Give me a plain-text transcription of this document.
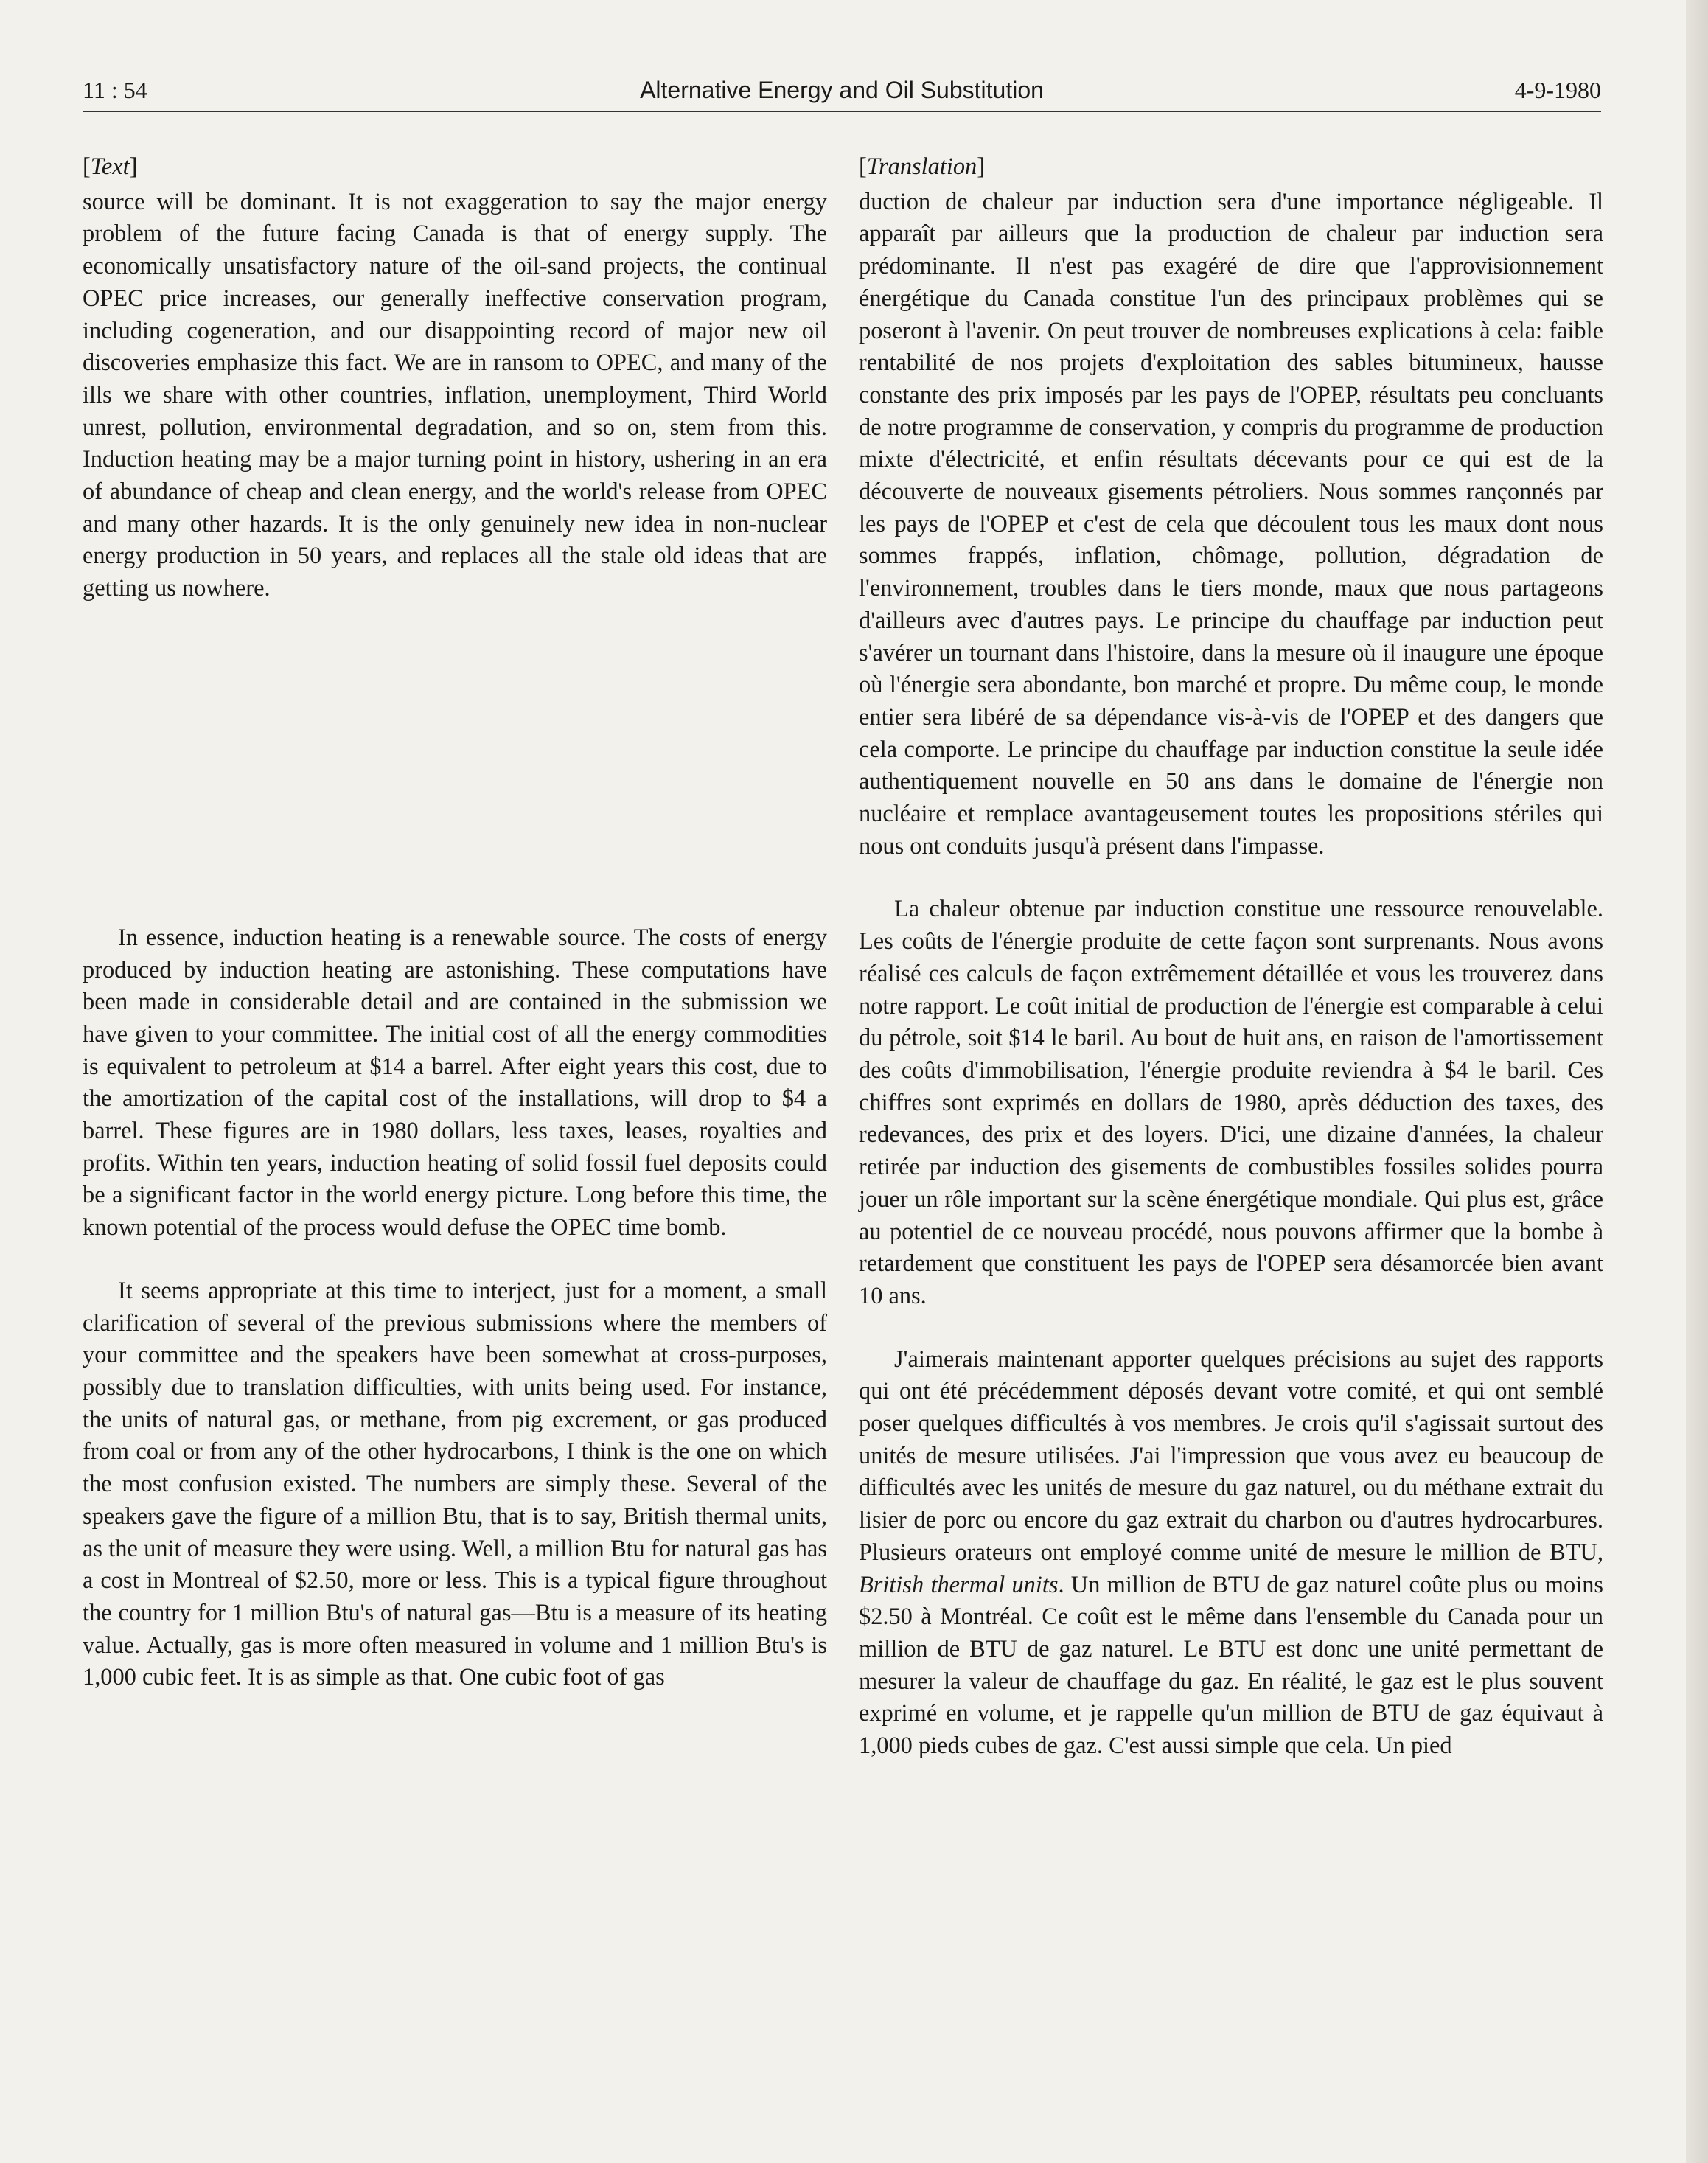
11 : 54	Alternative Energy and Oil Substitution	4-9-1980
[Text]

source will be dominant. It is not exaggeration to say the major energy problem of the future facing Canada is that of energy supply. The economically unsatisfactory nature of the oil-sand projects, the continual OPEC price increases, our generally ineffective conservation program, including cogeneration, and our disappointing record of major new oil discoveries emphasize this fact. We are in ransom to OPEC, and many of the ills we share with other countries, inflation, unemployment, Third World unrest, pollution, environmental degradation, and so on, stem from this. Induction heating may be a major turning point in history, ushering in an era of abundance of cheap and clean energy, and the world's release from OPEC and many other hazards. It is the only genuinely new idea in non-nuclear energy production in 50 years, and replaces all the stale old ideas that are getting us nowhere.

In essence, induction heating is a renewable source. The costs of energy produced by induction heating are astonishing. These computations have been made in considerable detail and are contained in the submission we have given to your committee. The initial cost of all the energy commodities is equivalent to petroleum at $14 a barrel. After eight years this cost, due to the amortization of the capital cost of the installations, will drop to $4 a barrel. These figures are in 1980 dollars, less taxes, leases, royalties and profits. Within ten years, induction heating of solid fossil fuel deposits could be a significant factor in the world energy picture. Long before this time, the known potential of the process would defuse the OPEC time bomb.

It seems appropriate at this time to interject, just for a moment, a small clarification of several of the previous submissions where the members of your committee and the speakers have been somewhat at cross-purposes, possibly due to translation difficulties, with units being used. For instance, the units of natural gas, or methane, from pig excrement, or gas produced from coal or from any of the other hydrocarbons, I think is the one on which the most confusion existed. The numbers are simply these. Several of the speakers gave the figure of a million Btu, that is to say, British thermal units, as the unit of measure they were using. Well, a million Btu for natural gas has a cost in Montreal of $2.50, more or less. This is a typical figure throughout the country for 1 million Btu's of natural gas—Btu is a measure of its heating value. Actually, gas is more often measured in volume and 1 million Btu's is 1,000 cubic feet. It is as simple as that. One cubic foot of gas

[Translation]

duction de chaleur par induction sera d'une importance négligeable. Il apparaît par ailleurs que la production de chaleur par induction sera prédominante. Il n'est pas exagéré de dire que l'approvisionnement énergétique du Canada constitue l'un des principaux problèmes qui se poseront à l'avenir. On peut trouver de nombreuses explications à cela: faible rentabilité de nos projets d'exploitation des sables bitumineux, hausse constante des prix imposés par les pays de l'OPEP, résultats peu concluants de notre programme de conservation, y compris du programme de production mixte d'électricité, et enfin résultats décevants pour ce qui est de la découverte de nouveaux gisements pétroliers. Nous sommes rançonnés par les pays de l'OPEP et c'est de cela que découlent tous les maux dont nous sommes frappés, inflation, chômage, pollution, dégradation de l'environnement, troubles dans le tiers monde, maux que nous partageons d'ailleurs avec d'autres pays. Le principe du chauffage par induction peut s'avérer un tournant dans l'histoire, dans la mesure où il inaugure une époque où l'énergie sera abondante, bon marché et propre. Du même coup, le monde entier sera libéré de sa dépendance vis-à-vis de l'OPEP et des dangers que cela comporte. Le principe du chauffage par induction constitue la seule idée authentiquement nouvelle en 50 ans dans le domaine de l'énergie non nucléaire et remplace avantageusement toutes les propositions stériles qui nous ont conduits jusqu'à présent dans l'impasse.

La chaleur obtenue par induction constitue une ressource renouvelable. Les coûts de l'énergie produite de cette façon sont surprenants. Nous avons réalisé ces calculs de façon extrêmement détaillée et vous les trouverez dans notre rapport. Le coût initial de production de l'énergie est comparable à celui du pétrole, soit $14 le baril. Au bout de huit ans, en raison de l'amortissement des coûts d'immobilisation, l'énergie produite reviendra à $4 le baril. Ces chiffres sont exprimés en dollars de 1980, après déduction des taxes, des redevances, des prix et des loyers. D'ici, une dizaine d'années, la chaleur retirée par induction des gisements de combustibles fossiles solides pourra jouer un rôle important sur la scène énergétique mondiale. Qui plus est, grâce au potentiel de ce nouveau procédé, nous pouvons affirmer que la bombe à retardement que constituent les pays de l'OPEP sera désamorcée bien avant 10 ans.

J'aimerais maintenant apporter quelques précisions au sujet des rapports qui ont été précédemment déposés devant votre comité, et qui ont semblé poser quelques difficultés à vos membres. Je crois qu'il s'agissait surtout des unités de mesure utilisées. J'ai l'impression que vous avez eu beaucoup de difficultés avec les unités de mesure du gaz naturel, ou du méthane extrait du lisier de porc ou encore du gaz extrait du charbon ou d'autres hydrocarbures. Plusieurs orateurs ont employé comme unité de mesure le million de BTU, British thermal units. Un million de BTU de gaz naturel coûte plus ou moins $2.50 à Montréal. Ce coût est le même dans l'ensemble du Canada pour un million de BTU de gaz naturel. Le BTU est donc une unité permettant de mesurer la valeur de chauffage du gaz. En réalité, le gaz est le plus souvent exprimé en volume, et je rappelle qu'un million de BTU de gaz équivaut à 1,000 pieds cubes de gaz. C'est aussi simple que cela. Un pied
